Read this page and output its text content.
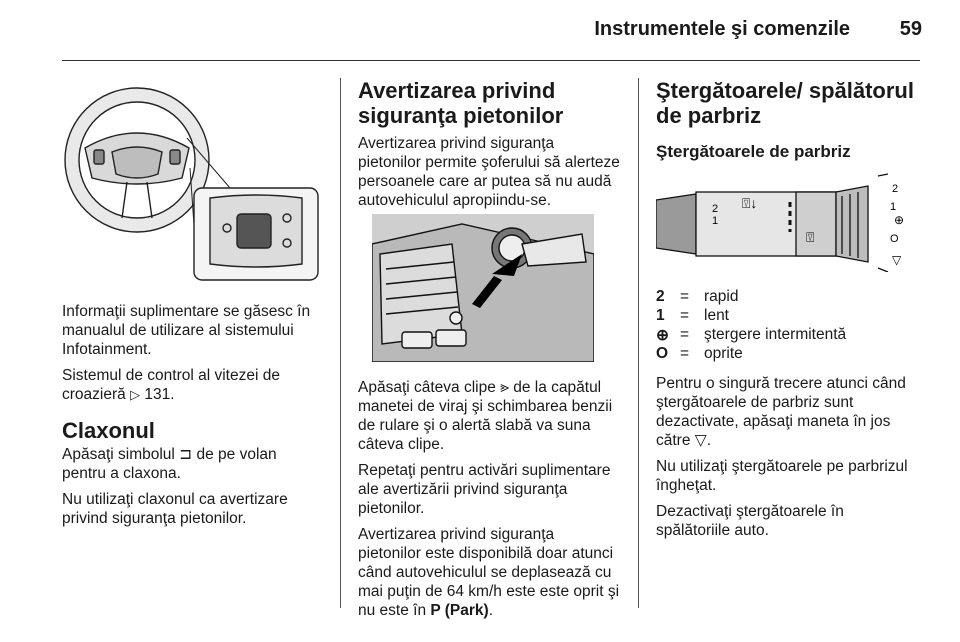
Instrumentele şi comenzile 59

Informaţii suplimentare se găsesc în manualul de utilizare al sistemului Infotainment.

Sistemul de control al vitezei de croazieră ▷ 131.

Claxonul

Apăsaţi simbolul ⊐ de pe volan pentru a claxona.

Nu utilizaţi claxonul ca avertizare privind siguranţa pietonilor.

Avertizarea privind siguranţa pietonilor

Avertizarea privind siguranţa pietonilor permite şoferului să alerteze persoanele care ar putea să nu audă autovehiculul apropiindu-se.

Apăsaţi câteva clipe ⪢ de la capătul manetei de viraj şi schimbarea benzii de rulare şi o alertă slabă va suna câteva clipe.

Repetaţi pentru activări suplimentare ale avertizării privind siguranţa pietonilor.

Avertizarea privind siguranţa pietonilor este disponibilă doar atunci când autovehiculul se deplasează cu mai puţin de 64 km/h este este oprit şi nu este în P (Park).

Ştergătoarele/ spălătorul de parbriz
Ştergătoarele de parbriz
2
1
⍔↓
⍔
2
1
O
⊕
▽
2 = rapid
1 = lent
⊕ = ştergere intermitentă
O = oprite

Pentru o singură trecere atunci când ştergătoarele de parbriz sunt dezactivate, apăsaţi maneta în jos către ▽.

Nu utilizaţi ştergătoarele pe parbrizul îngheţat.

Dezactivaţi ştergătoarele în spălătoriile auto.
